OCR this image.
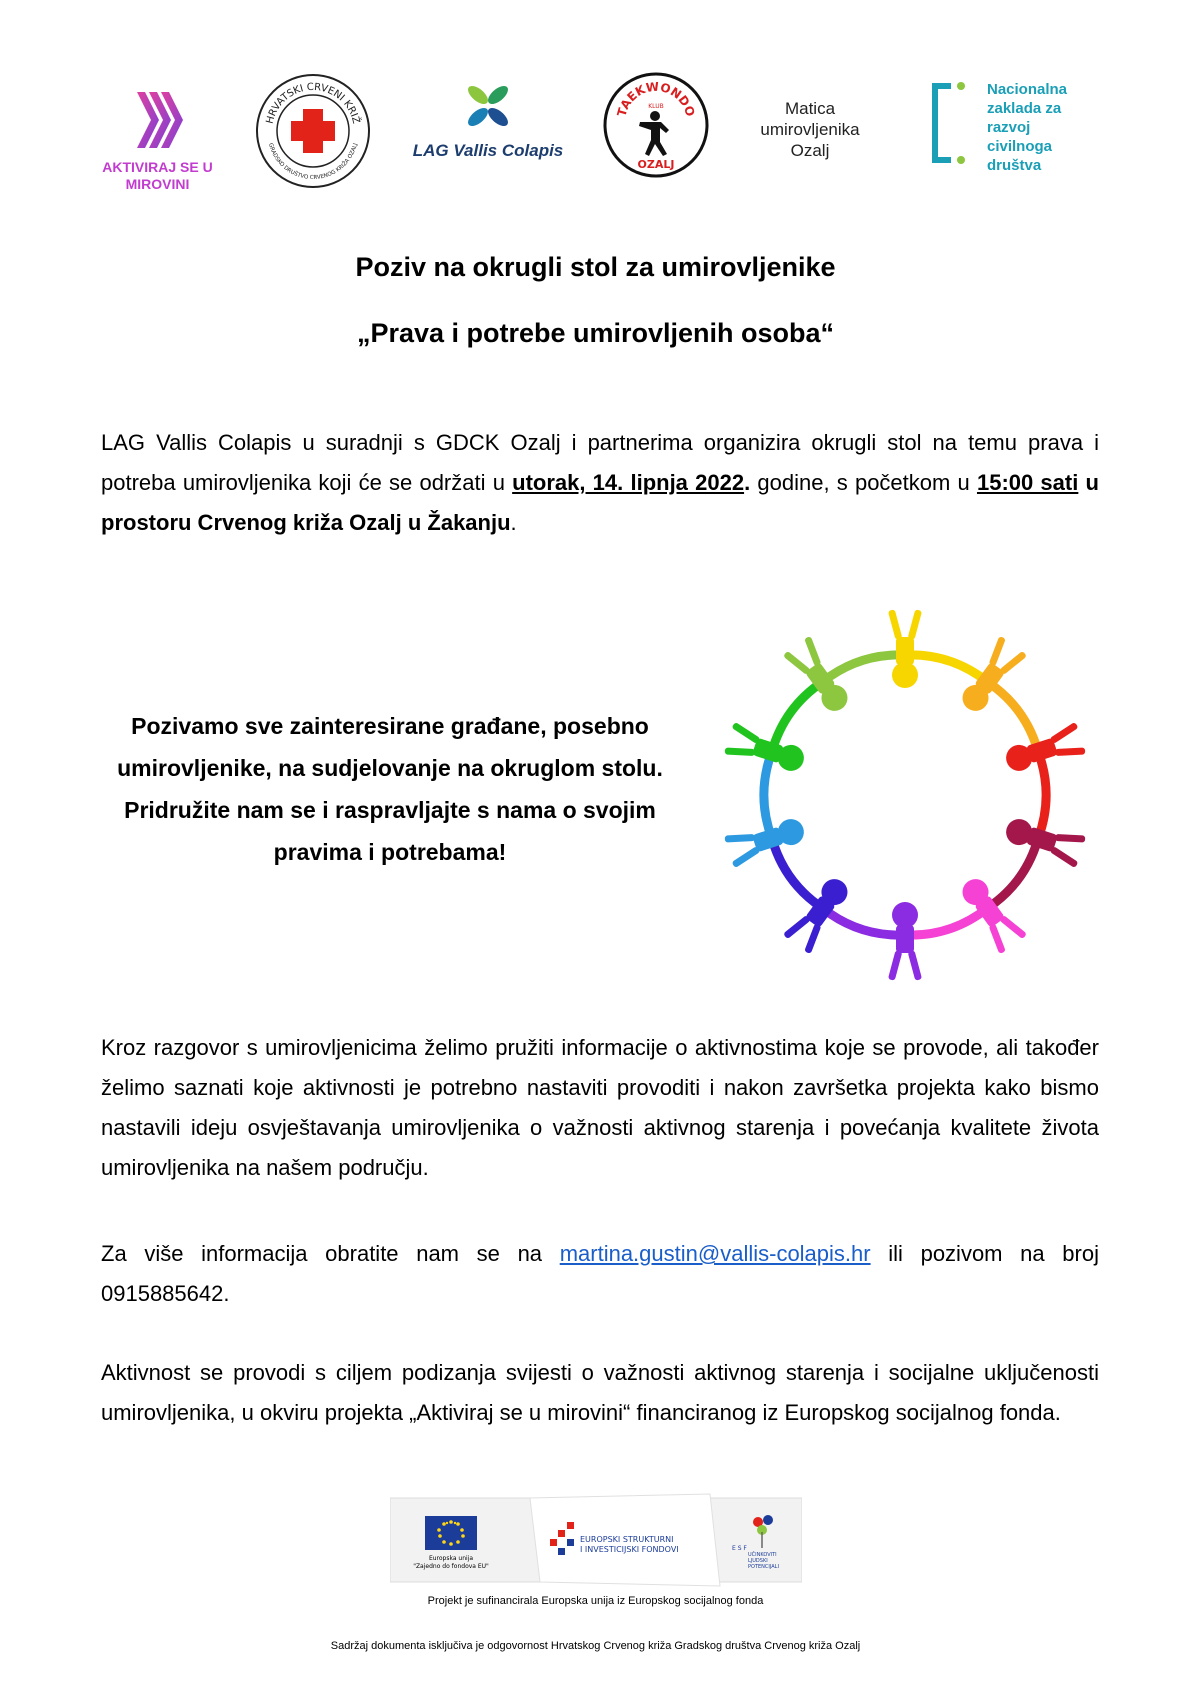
AKTIVIRAJ SE U MIROVINI
HRVATSKI CRVENI KRIŽ
GRADSKO DRUŠTVO CRVENOG KRIŽA OZALJ	LAG Vallis Colapis
TAEKWONDO
KLUB
OZALJ
Matica
umirovljenika
Ozalj
Nacionalna
zaklada za
razvoj
civilnoga
društva
Poziv na okrugli stol za umirovljenike
„Prava i potrebe umirovljenih osoba“
LAG Vallis Colapis u suradnji s GDCK Ozalj i partnerima organizira okrugli stol na temu prava i potreba umirovljenika koji će se održati u utorak, 14. lipnja 2022. godine, s početkom u 15:00 sati u prostoru Crvenog križa Ozalj u Žakanju.
Pozivamo sve zainteresirane građane, posebno umirovljenike, na sudjelovanje na okruglom stolu. Pridružite nam se i raspravljajte s nama o svojim pravima i potrebama!
Kroz razgovor s umirovljenicima želimo pružiti informacije o aktivnostima koje se provode, ali također želimo saznati koje aktivnosti je potrebno nastaviti provoditi i nakon završetka projekta kako bismo nastavili ideju osvještavanja umirovljenika o važnosti aktivnog starenja i povećanja kvalitete života umirovljenika na našem području.
Za više informacija obratite nam se na martina.gustin@vallis-colapis.hr ili pozivom na broj 0915885642.
Aktivnost se provodi s ciljem podizanja svijesti o važnosti aktivnog starenja i socijalne uključenosti umirovljenika, u okviru projekta „Aktiviraj se u mirovini“ financiranog iz Europskog socijalnog fonda.
Europska unija
"Zajedno do fondova EU"
EUROPSKI STRUKTURNI
I INVESTICIJSKI FONDOVI	E S F
UČINKOVITI
LJUDSKI
POTENCIJALI
Projekt je sufinancirala Europska unija iz Europskog socijalnog fonda
Sadržaj dokumenta isključiva je odgovornost Hrvatskog Crvenog križa Gradskog društva Crvenog križa Ozalj
